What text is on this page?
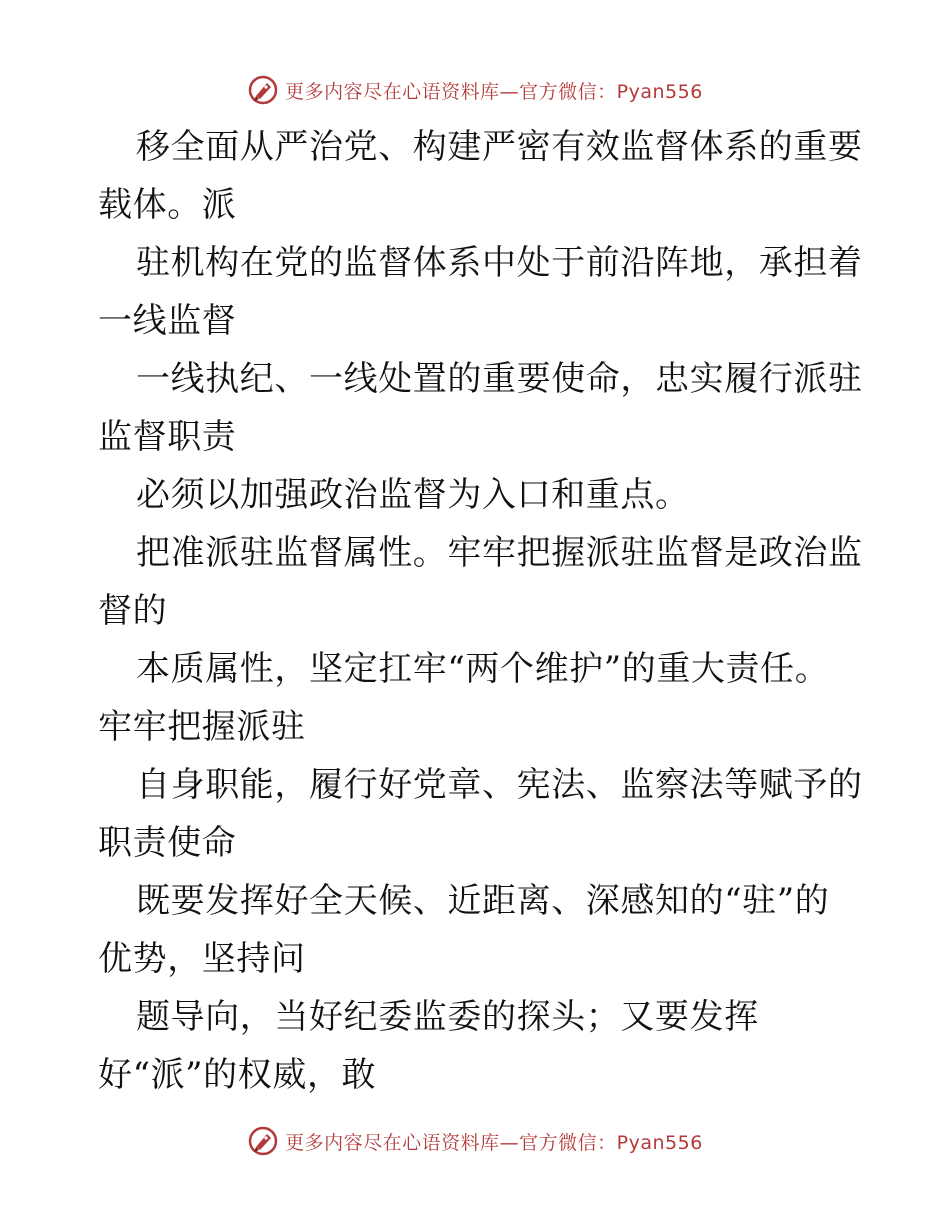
更多内容尽在心语资料库—官方微信：Pyan556
移全面从严治党、构建严密有效监督体系的重要
载体。派
驻机构在党的监督体系中处于前沿阵地，承担着
一线监督
一线执纪、一线处置的重要使命，忠实履行派驻
监督职责
必须以加强政治监督为入口和重点。
把准派驻监督属性。牢牢把握派驻监督是政治监
督的
本质属性，坚定扛牢“两个维护”的重大责任。
牢牢把握派驻
自身职能，履行好党章、宪法、监察法等赋予的
职责使命
既要发挥好全天候、近距离、深感知的“驻”的
优势，坚持问
题导向，当好纪委监委的探头；又要发挥
好“派”的权威，敢
更多内容尽在心语资料库—官方微信：Pyan556
